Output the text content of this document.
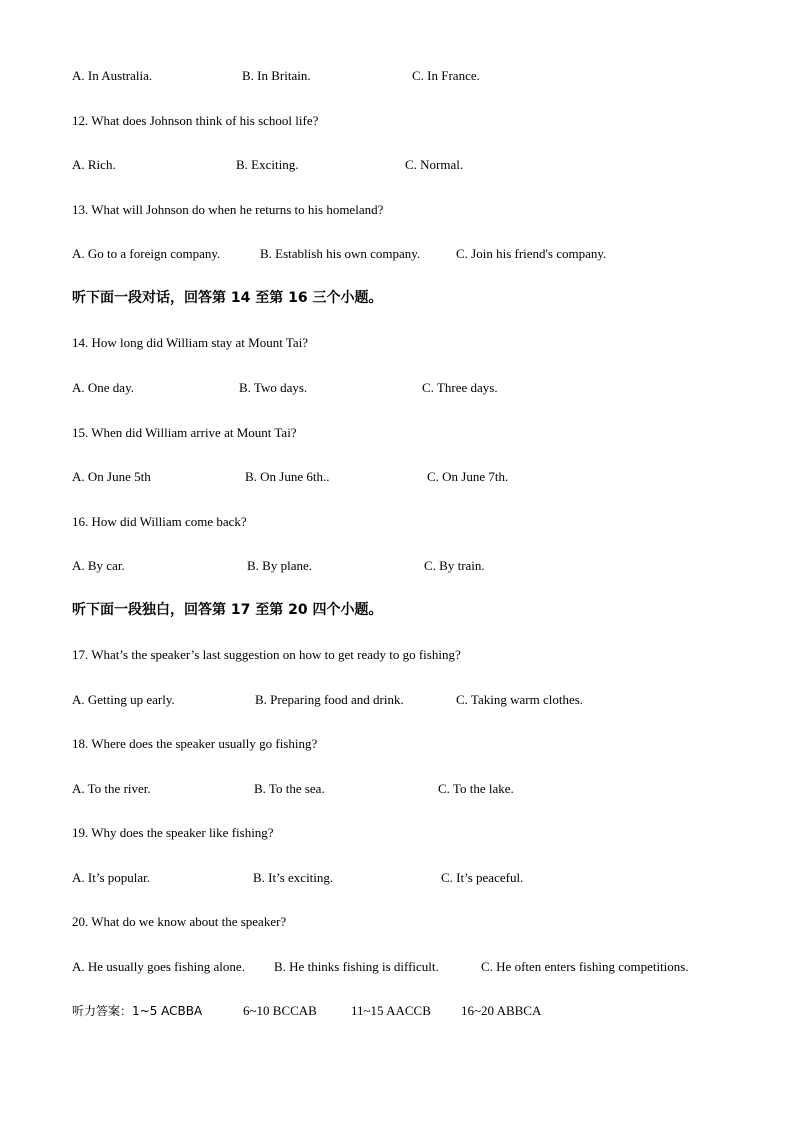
A. In Australia.	B. In Britain.	C. In France.
12. What does Johnson think of his school life?
A. Rich.	B. Exciting.	C. Normal.
13. What will Johnson do when he returns to his homeland?
A. Go to a foreign company.	B. Establish his own company.	C. Join his friend's company.
听下面一段对话，回答第 14 至第 16 三个小题。
14. How long did William stay at Mount Tai?
A. One day.	B. Two days.	C. Three days.
15. When did William arrive at Mount Tai?
A. On June 5th	B. On June 6th..	C. On June 7th.
16. How did William come back?
A. By car.	B. By plane.	C. By train.
听下面一段独白，回答第 17 至第 20 四个小题。
17. What’s the speaker’s last suggestion on how to get ready to go fishing?
A. Getting up early.	B. Preparing food and drink.	C. Taking warm clothes.
18. Where does the speaker usually go fishing?
A. To the river.	B. To the sea.	C. To the lake.
19. Why does the speaker like fishing?
A. It’s popular.	B. It’s exciting.	C. It’s peaceful.
20. What do we know about the speaker?
A. He usually goes fishing alone. B. He thinks fishing is difficult.	C. He often enters fishing competitions.
听力答案：1~5 ACBBA	6~10 BCCAB	11~15 AACCB 16~20 ABBCA
